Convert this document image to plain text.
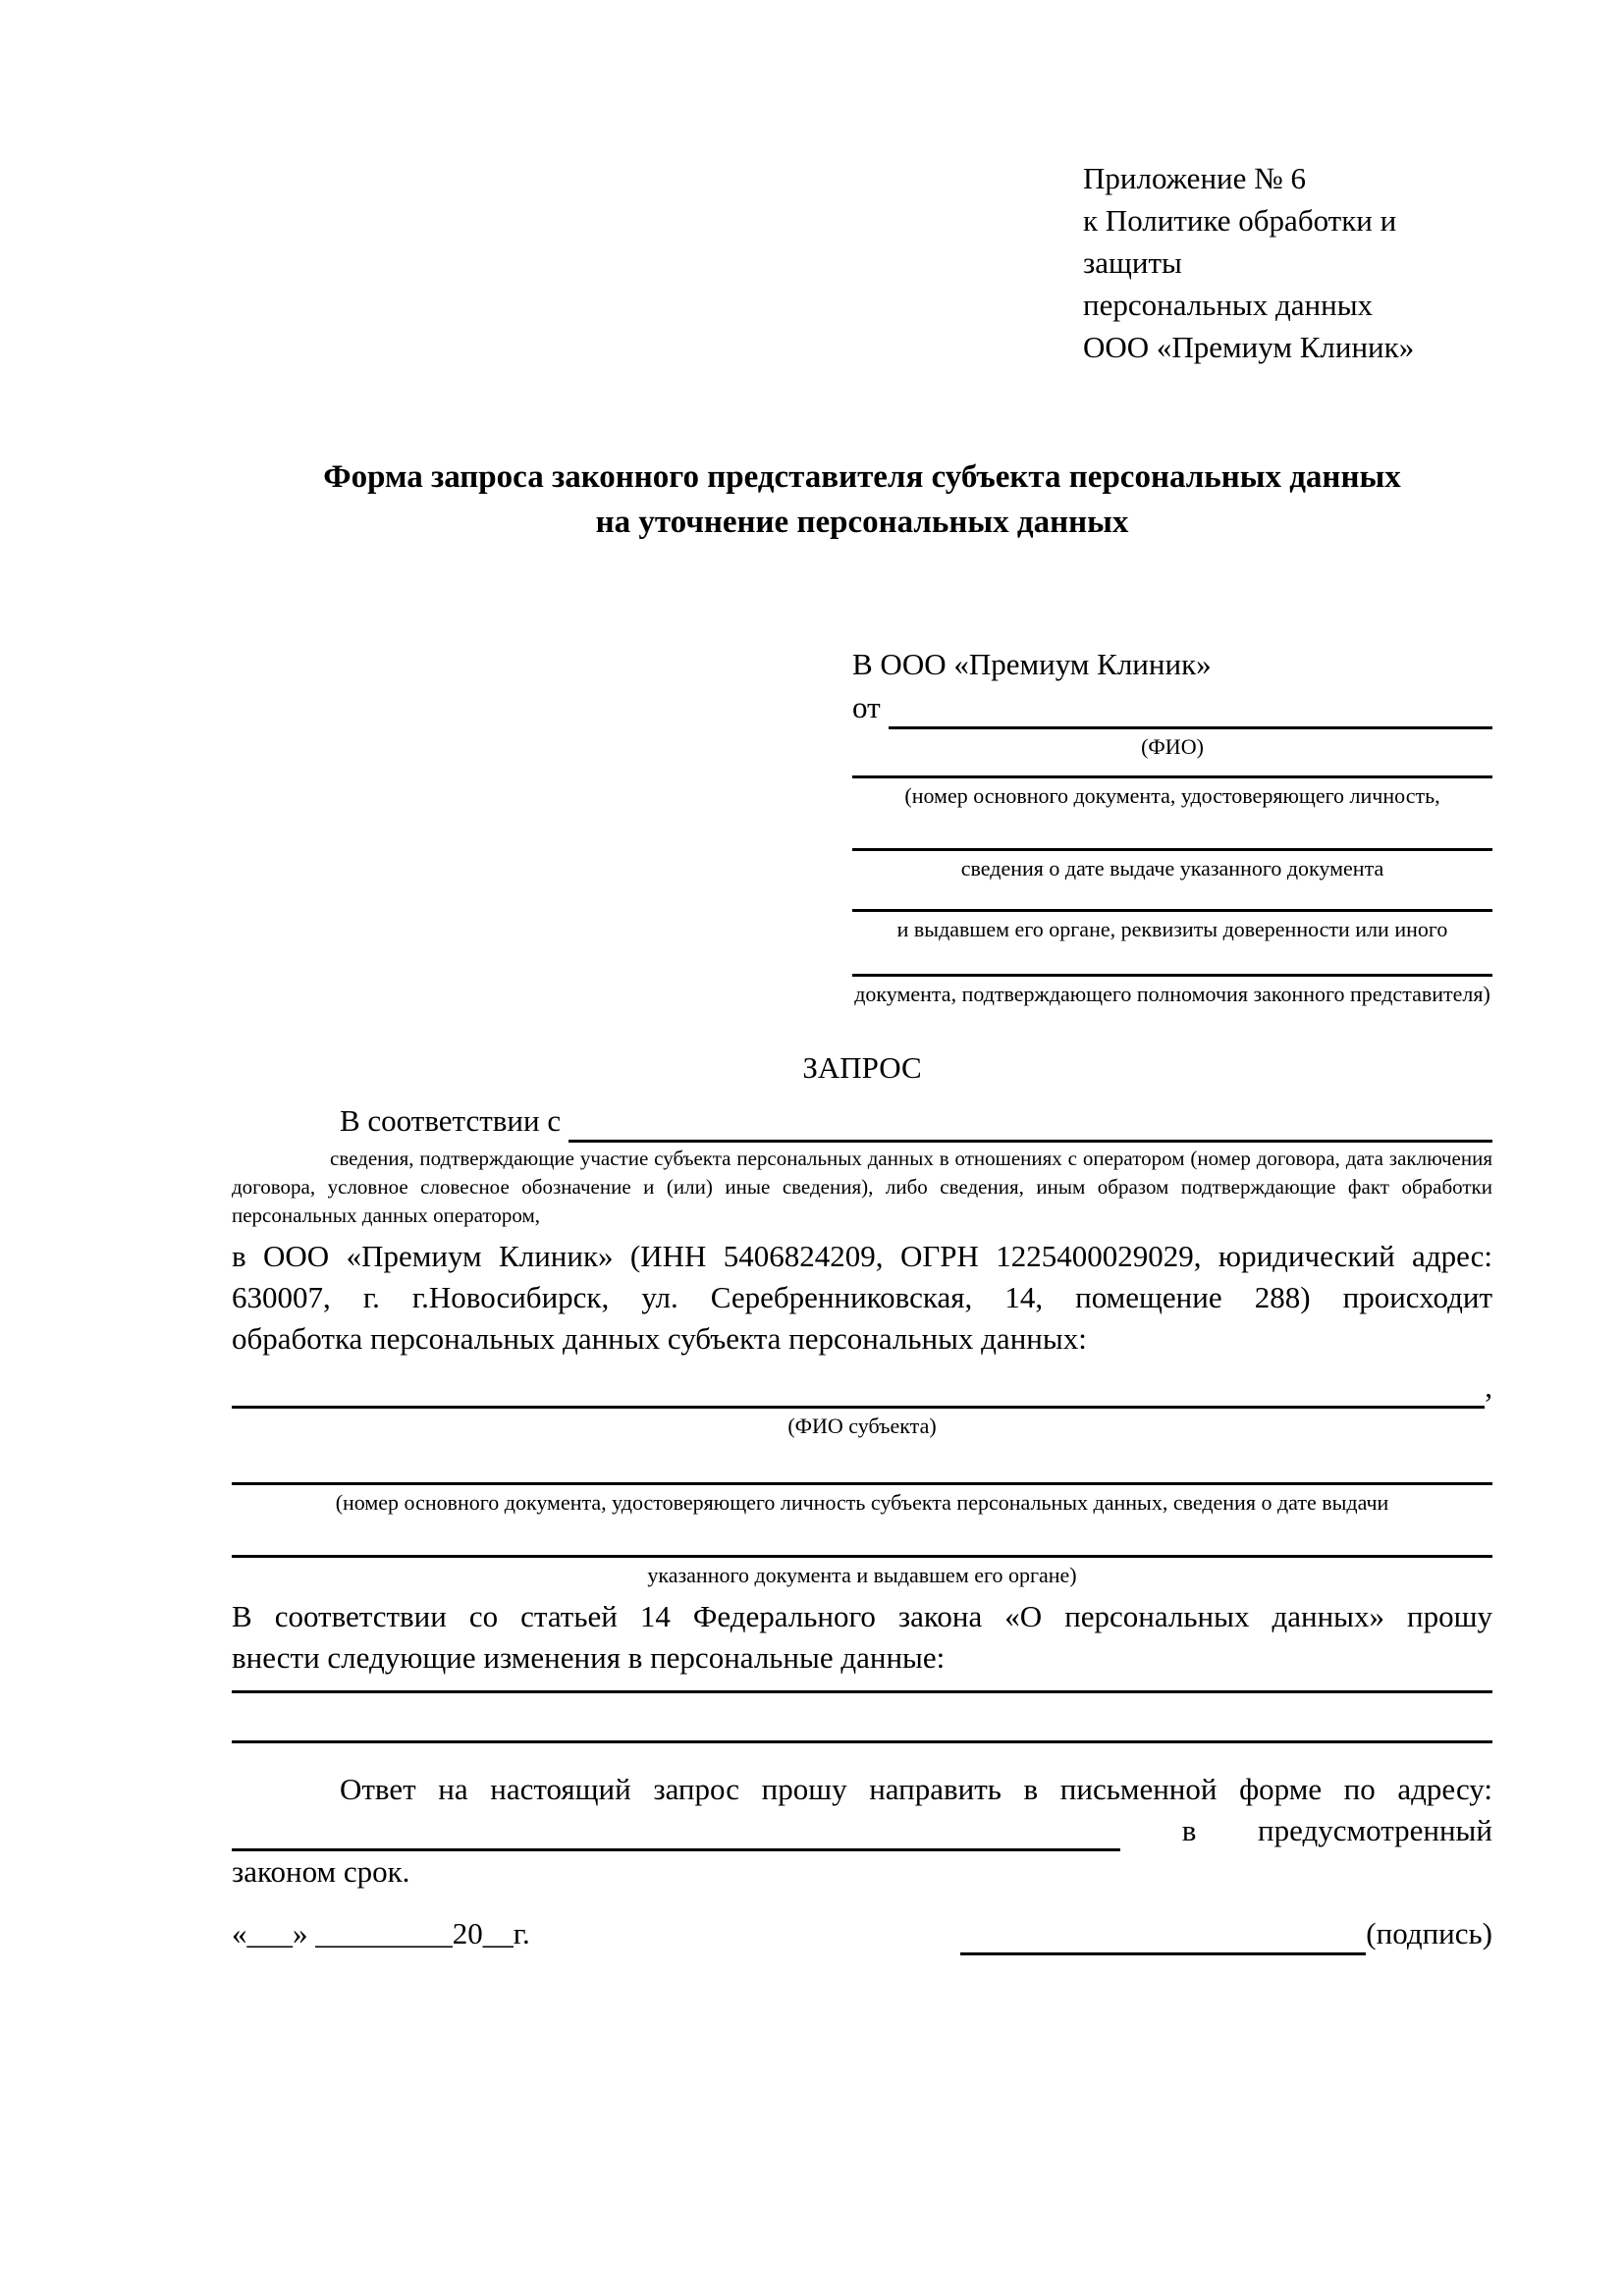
Приложение № 6
к Политике обработки и защиты
персональных данных
ООО «Премиум Клиник»
Форма запроса законного представителя субъекта персональных данных
на уточнение персональных данных
В ООО «Премиум Клиник»
от
(ФИО)
(номер основного документа, удостоверяющего личность,
сведения о дате выдаче указанного документа
и выдавшем его органе, реквизиты доверенности или иного
документа, подтверждающего полномочия законного представителя)
ЗАПРОС
В соответствии с
сведения, подтверждающие участие субъекта персональных данных в отношениях с оператором (номер договора, дата заключения договора, условное словесное обозначение и (или) иные сведения), либо сведения, иным образом подтверждающие факт обработки персональных данных оператором,
в ООО «Премиум Клиник» (ИНН 5406824209, ОГРН 1225400029029, юридический адрес:
630007, г. г.Новосибирск, ул. Серебренниковская, 14, помещение 288) происходит
обработка персональных данных субъекта персональных данных:
,
(ФИО субъекта)
(номер основного документа, удостоверяющего личность субъекта персональных данных, сведения о дате выдачи
указанного документа и выдавшем его органе)
В соответствии со статьей 14 Федерального закона «О персональных данных» прошу
внести следующие изменения в персональные данные:
Ответ на настоящий запрос прошу направить в письменной форме по адресу:
в предусмотренный
законом срок.
«___» _________20__г.	(подпись)
